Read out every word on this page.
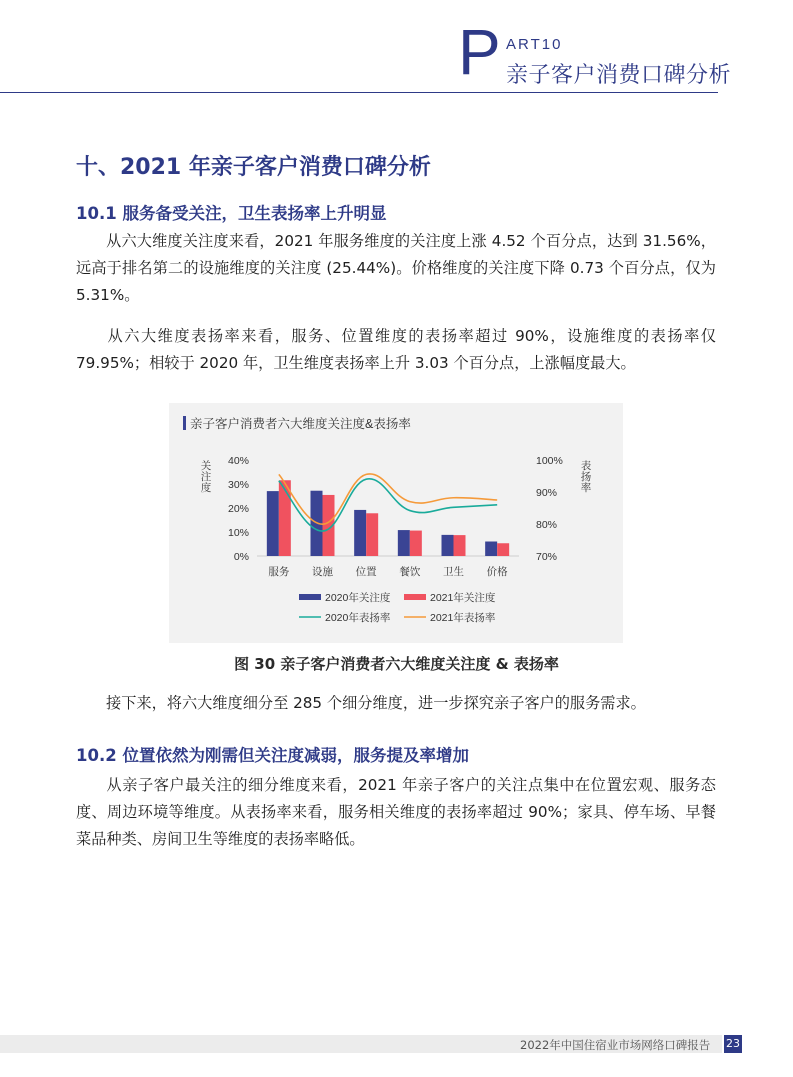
P ART10
亲子客户消费口碑分析
十、2021 年亲子客户消费口碑分析
10.1 服务备受关注，卫生表扬率上升明显
从六大维度关注度来看，2021 年服务维度的关注度上涨 4.52 个百分点，达到 31.56%，远高于排名第二的设施维度的关注度 (25.44%)。价格维度的关注度下降 0.73 个百分点，仅为 5.31%。
从六大维度表扬率来看，服务、位置维度的表扬率超过 90%，设施维度的表扬率仅 79.95%；相较于 2020 年，卫生维度表扬率上升 3.03 个百分点，上涨幅度最大。
亲子客户消费者六大维度关注度&表扬率
0%
10%
20%
30%
40%
70%
80%
90%
100%
关
注
度
表
扬
率
服务 设施 位置 餐饮 卫生 价格
2020年关注度	2021年关注度
2020年表扬率	2021年表扬率
图 30 亲子客户消费者六大维度关注度 & 表扬率
接下来，将六大维度细分至 285 个细分维度，进一步探究亲子客户的服务需求。
10.2 位置依然为刚需但关注度减弱，服务提及率增加
从亲子客户最关注的细分维度来看，2021 年亲子客户的关注点集中在位置宏观、服务态度、周边环境等维度。从表扬率来看，服务相关维度的表扬率超过 90%；家具、停车场、早餐菜品种类、房间卫生等维度的表扬率略低。
2022年中国住宿业市场网络口碑报告 23
